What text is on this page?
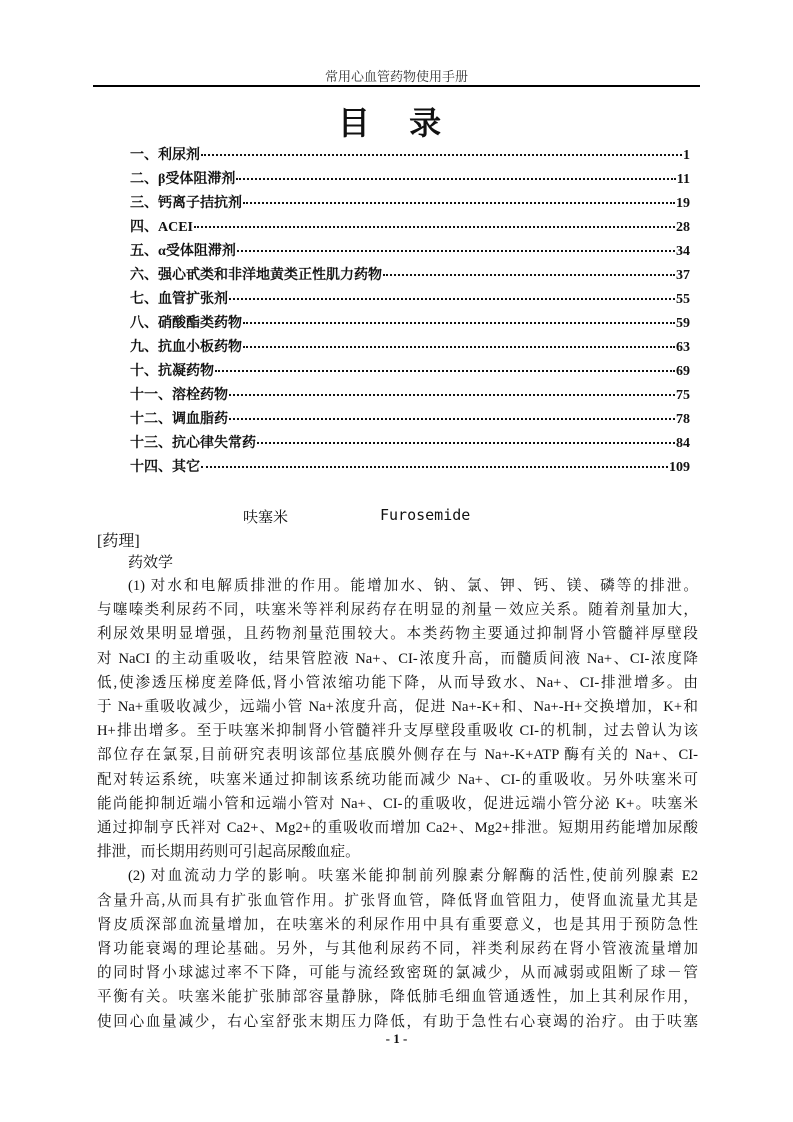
常用心血管药物使用手册
目 录
一、利尿剂	1
二、β受体阻滞剂	11
三、钙离子拮抗剂	19
四、ACEI	28
五、α受体阻滞剂	34
六、强心甙类和非洋地黄类正性肌力药物	37
七、血管扩张剂	55
八、硝酸酯类药物	59
九、抗血小板药物	63
十、抗凝药物	69
十一、溶栓药物	75
十二、调血脂药	78
十三、抗心律失常药	84
十四、其它	109
呋塞米	Furosemide
[药理]
药效学
(1) 对水和电解质排泄的作用。能增加水、钠、氯、钾、钙、镁、磷等的排泄。
与噻嗪类利尿药不同，呋塞米等袢利尿药存在明显的剂量－效应关系。随着剂量加大，
利尿效果明显增强，且药物剂量范围较大。本类药物主要通过抑制肾小管髓袢厚壁段
对 NaCI 的主动重吸收，结果管腔液 Na+、CI-浓度升高，而髓质间液 Na+、CI-浓度降
低,使渗透压梯度差降低,肾小管浓缩功能下降，从而导致水、Na+、CI-排泄增多。由
于 Na+重吸收减少，远端小管 Na+浓度升高，促进 Na+-K+和、Na+-H+交换增加，K+和
H+排出增多。至于呋塞米抑制肾小管髓袢升支厚壁段重吸收 CI-的机制，过去曾认为该
部位存在氯泵,目前研究表明该部位基底膜外侧存在与 Na+-K+ATP 酶有关的 Na+、CI-
配对转运系统，呋塞米通过抑制该系统功能而减少 Na+、CI-的重吸收。另外呋塞米可
能尚能抑制近端小管和远端小管对 Na+、CI-的重吸收，促进远端小管分泌 K+。呋塞米
通过抑制亨氏袢对 Ca2+、Mg2+的重吸收而增加 Ca2+、Mg2+排泄。短期用药能增加尿酸
排泄，而长期用药则可引起高尿酸血症。
(2) 对血流动力学的影响。呋塞米能抑制前列腺素分解酶的活性,使前列腺素 E2
含量升高,从而具有扩张血管作用。扩张肾血管，降低肾血管阻力，使肾血流量尤其是
肾皮质深部血流量增加，在呋塞米的利尿作用中具有重要意义，也是其用于预防急性
肾功能衰竭的理论基础。另外，与其他利尿药不同，袢类利尿药在肾小管液流量增加
的同时肾小球滤过率不下降，可能与流经致密斑的氯减少，从而减弱或阻断了球－管
平衡有关。呋塞米能扩张肺部容量静脉，降低肺毛细血管通透性，加上其利尿作用，
使回心血量减少，右心室舒张末期压力降低，有助于急性右心衰竭的治疗。由于呋塞
- 1 -
